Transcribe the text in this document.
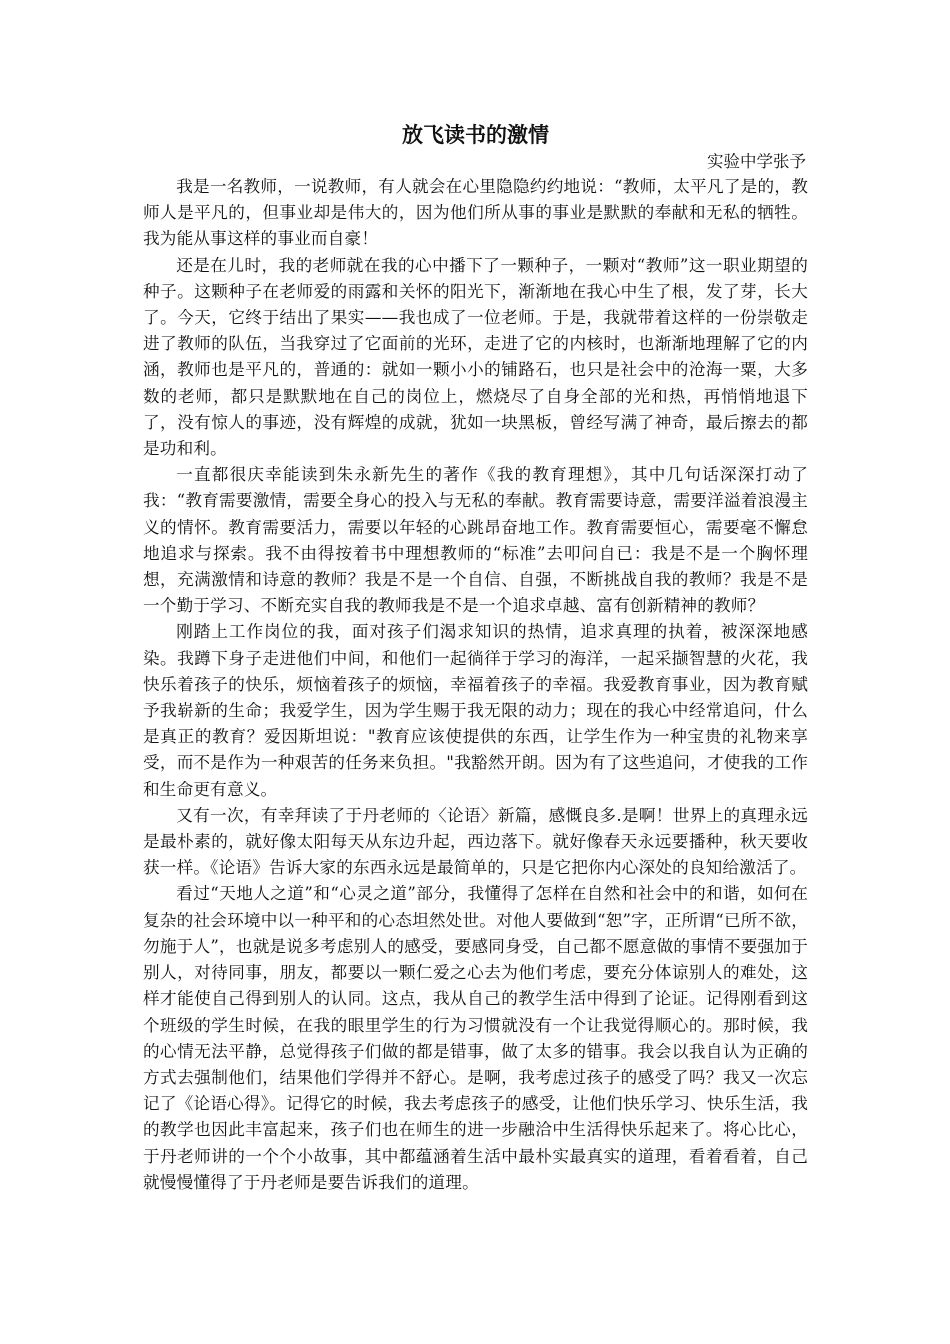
放飞读书的激情

实验中学张予

我是一名教师，一说教师，有人就会在心里隐隐约约地说：“教师，太平凡了是的，教师人是平凡的，但事业却是伟大的，因为他们所从事的事业是默默的奉献和无私的牺牲。我为能从事这样的事业而自豪！

还是在儿时，我的老师就在我的心中播下了一颗种子，一颗对“教师”这一职业期望的种子。这颗种子在老师爱的雨露和关怀的阳光下，渐渐地在我心中生了根，发了芽，长大了。今天，它终于结出了果实——我也成了一位老师。于是，我就带着这样的一份崇敬走进了教师的队伍，当我穿过了它面前的光环，走进了它的内核时，也渐渐地理解了它的内涵，教师也是平凡的，普通的：就如一颗小小的铺路石，也只是社会中的沧海一粟，大多数的老师，都只是默默地在自己的岗位上，燃烧尽了自身全部的光和热，再悄悄地退下了，没有惊人的事迹，没有辉煌的成就，犹如一块黑板，曾经写满了神奇，最后擦去的都是功和利。

一直都很庆幸能读到朱永新先生的著作《我的教育理想》，其中几句话深深打动了我：“教育需要激情，需要全身心的投入与无私的奉献。教育需要诗意，需要洋溢着浪漫主义的情怀。教育需要活力，需要以年轻的心跳昂奋地工作。教育需要恒心，需要毫不懈怠地追求与探索。我不由得按着书中理想教师的“标准”去叩问自已：我是不是一个胸怀理想，充满激情和诗意的教师？我是不是一个自信、自强，不断挑战自我的教师？我是不是一个勤于学习、不断充实自我的教师我是不是一个追求卓越、富有创新精神的教师？

刚踏上工作岗位的我，面对孩子们渴求知识的热情，追求真理的执着，被深深地感染。我蹲下身子走进他们中间，和他们一起徜徉于学习的海洋，一起采撷智慧的火花，我快乐着孩子的快乐，烦恼着孩子的烦恼，幸福着孩子的幸福。我爱教育事业，因为教育赋予我崭新的生命；我爱学生，因为学生赐于我无限的动力；现在的我心中经常追问，什么是真正的教育？爱因斯坦说："教育应该使提供的东西，让学生作为一种宝贵的礼物来享受，而不是作为一种艰苦的任务来负担。"我豁然开朗。因为有了这些追问，才使我的工作和生命更有意义。

又有一次，有幸拜读了于丹老师的〈论语〉新篇，感慨良多.是啊！世界上的真理永远是最朴素的，就好像太阳每天从东边升起，西边落下。就好像春天永远要播种，秋天要收获一样。《论语》告诉大家的东西永远是最简单的，只是它把你内心深处的良知给激活了。

看过“天地人之道”和“心灵之道”部分，我懂得了怎样在自然和社会中的和谐，如何在复杂的社会环境中以一种平和的心态坦然处世。对他人要做到“恕”字，正所谓“已所不欲，勿施于人”，也就是说多考虑别人的感受，要感同身受，自己都不愿意做的事情不要强加于别人，对待同事，朋友，都要以一颗仁爱之心去为他们考虑，要充分体谅别人的难处，这样才能使自己得到别人的认同。这点，我从自己的教学生活中得到了论证。记得刚看到这个班级的学生时候，在我的眼里学生的行为习惯就没有一个让我觉得顺心的。那时候，我的心情无法平静，总觉得孩子们做的都是错事，做了太多的错事。我会以我自认为正确的方式去强制他们，结果他们学得并不舒心。是啊，我考虑过孩子的感受了吗？我又一次忘记了《论语心得》。记得它的时候，我去考虑孩子的感受，让他们快乐学习、快乐生活，我的教学也因此丰富起来，孩子们也在师生的进一步融洽中生活得快乐起来了。将心比心，于丹老师讲的一个个小故事，其中都蕴涵着生活中最朴实最真实的道理，看着看着，自己就慢慢懂得了于丹老师是要告诉我们的道理。
